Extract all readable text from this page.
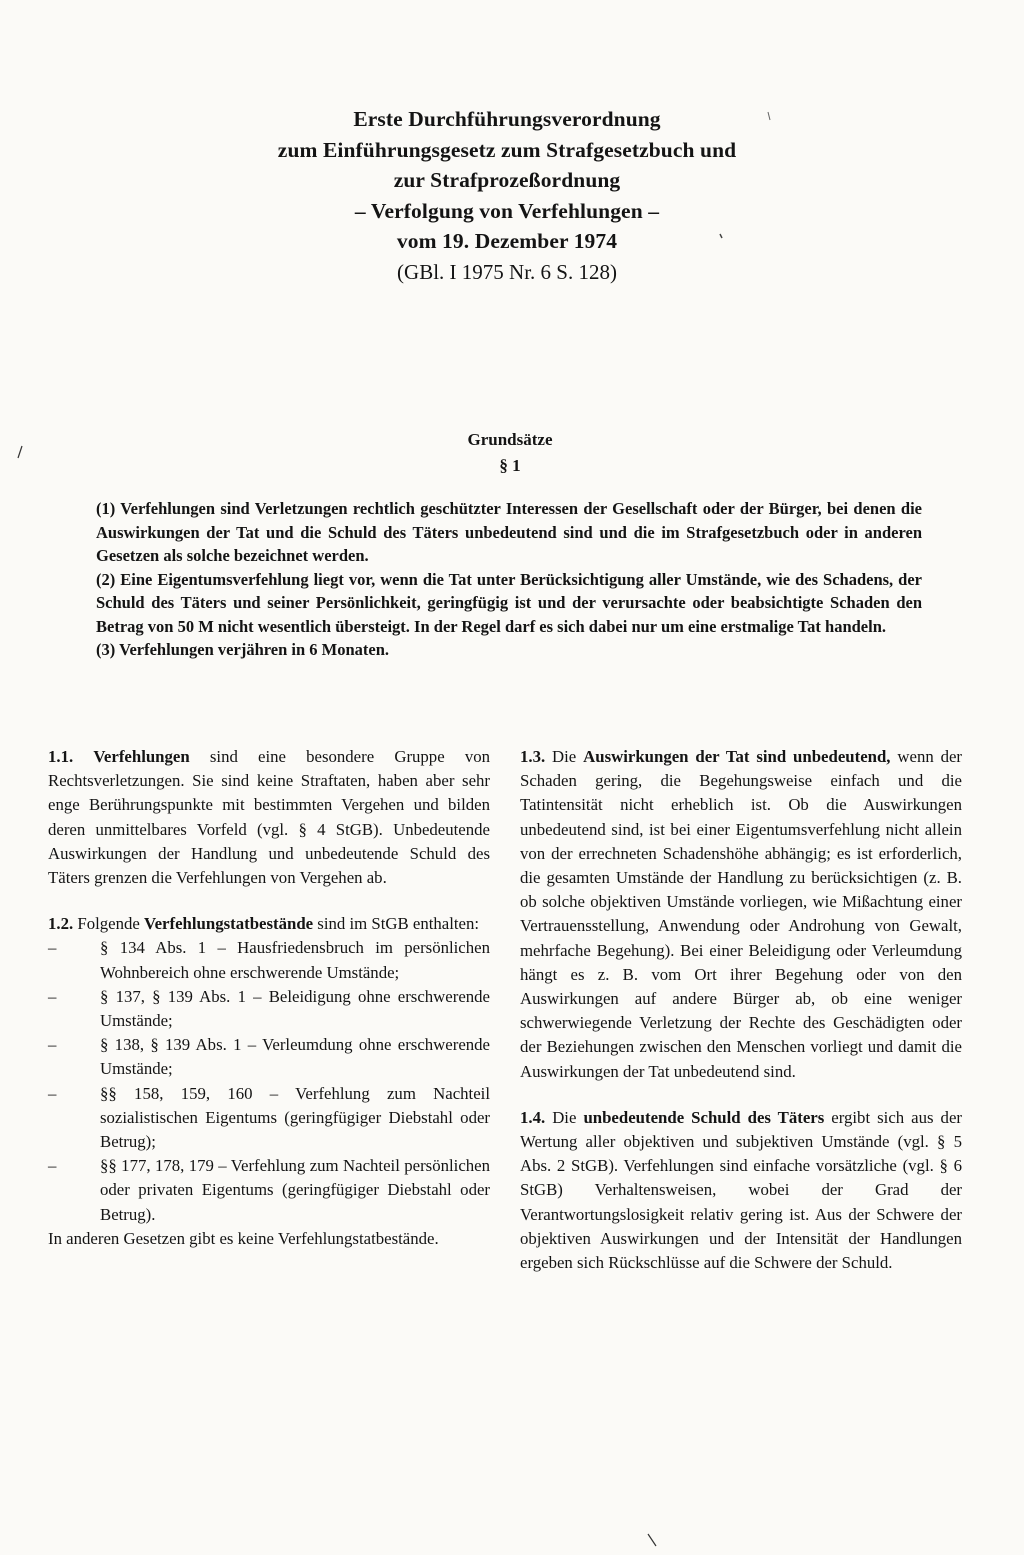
Erste Durchführungsverordnung
zum Einführungsgesetz zum Strafgesetzbuch und
zur Strafprozeßordnung
– Verfolgung von Verfehlungen –
vom 19. Dezember 1974
(GBl. I 1975 Nr. 6 S. 128)
Grundsätze
§ 1

(1) Verfehlungen sind Verletzungen rechtlich geschützter Interessen der Gesellschaft oder der Bürger, bei denen die Auswirkungen der Tat und die Schuld des Täters unbedeutend sind und die im Strafgesetzbuch oder in anderen Gesetzen als solche bezeichnet werden.

(2) Eine Eigentumsverfehlung liegt vor, wenn die Tat unter Berücksichtigung aller Umstände, wie des Schadens, der Schuld des Täters und seiner Persönlichkeit, geringfügig ist und der verursachte oder beabsichtigte Schaden den Betrag von 50 M nicht wesentlich übersteigt. In der Regel darf es sich dabei nur um eine erstmalige Tat handeln.

(3) Verfehlungen verjähren in 6 Monaten.

1.1. Verfehlungen sind eine besondere Gruppe von Rechtsverletzungen. Sie sind keine Straftaten, haben aber sehr enge Berührungspunkte mit bestimmten Vergehen und bilden deren unmittelbares Vorfeld (vgl. § 4 StGB). Unbedeutende Auswirkungen der Handlung und unbedeutende Schuld des Täters grenzen die Verfehlungen von Vergehen ab.

1.2. Folgende Verfehlungstatbestände sind im StGB enthalten:

–	§ 134 Abs. 1 – Hausfriedensbruch im persönlichen Wohnbereich ohne erschwerende Umstände;
–	§ 137, § 139 Abs. 1 – Beleidigung ohne erschwerende Umstände;
–	§ 138, § 139 Abs. 1 – Verleumdung ohne erschwerende Umstände;
–	§§ 158, 159, 160 – Verfehlung zum Nachteil sozialistischen Eigentums (geringfügiger Diebstahl oder Betrug);
–	§§ 177, 178, 179 – Verfehlung zum Nachteil persönlichen oder privaten Eigentums (geringfügiger Diebstahl oder Betrug).

In anderen Gesetzen gibt es keine Verfehlungstatbestände.

1.3. Die Auswirkungen der Tat sind unbedeutend, wenn der Schaden gering, die Begehungsweise einfach und die Tatintensität nicht erheblich ist. Ob die Auswirkungen unbedeutend sind, ist bei einer Eigentumsverfehlung nicht allein von der errechneten Schadenshöhe abhängig; es ist erforderlich, die gesamten Umstände der Handlung zu berücksichtigen (z. B. ob solche objektiven Umstände vorliegen, wie Mißachtung einer Vertrauensstellung, Anwendung oder Androhung von Gewalt, mehrfache Begehung). Bei einer Beleidigung oder Verleumdung hängt es z. B. vom Ort ihrer Begehung oder von den Auswirkungen auf andere Bürger ab, ob eine weniger schwerwiegende Verletzung der Rechte des Geschädigten oder der Beziehungen zwischen den Menschen vorliegt und damit die Auswirkungen der Tat unbedeutend sind.

1.4. Die unbedeutende Schuld des Täters ergibt sich aus der Wertung aller objektiven und subjektiven Umstände (vgl. § 5 Abs. 2 StGB). Verfehlungen sind einfache vorsätzliche (vgl. § 6 StGB) Verhaltensweisen, wobei der Grad der Verantwortungslosigkeit relativ gering ist. Aus der Schwere der objektiven Auswirkungen und der Intensität der Handlungen ergeben sich Rückschlüsse auf die Schwere der Schuld.
